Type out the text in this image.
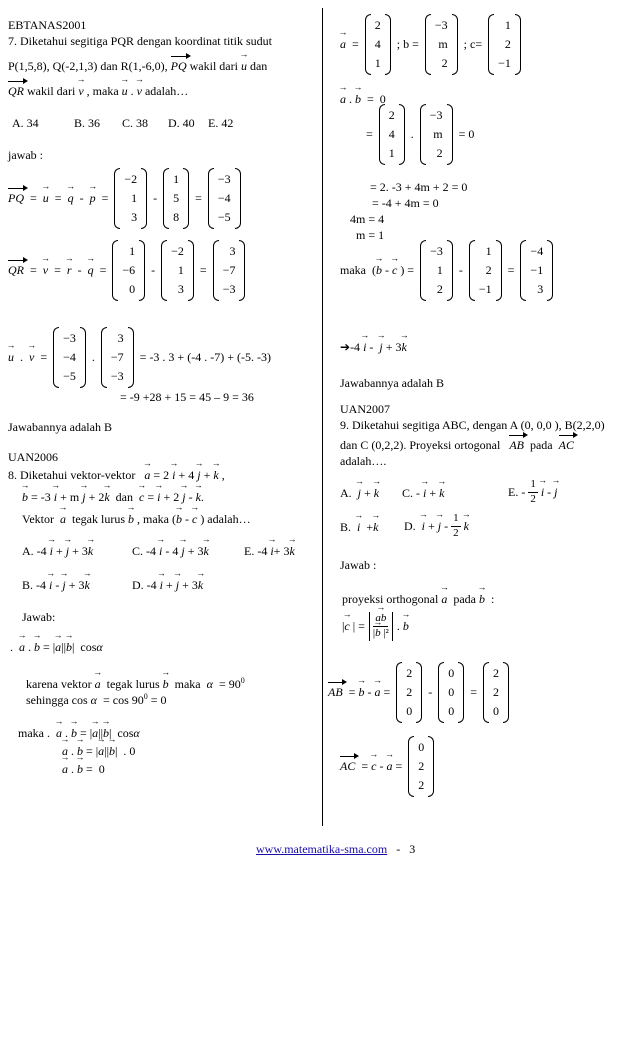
EBTANAS2001
7. Diketahui segitiga PQR dengan koordinat titik sudut
P(1,5,8), Q(-2,1,3) dan R(1,-6,0), PQ wakil dari → u dan
QR wakil dari → v , maka → u . → v adalah…
A. 34	B. 36 C. 38 D. 40 E. 42
jawab :
PQ =
→ u =
→ q -
→ p =
−2
1
3
-
1
5
8
=
−3
−4
−5
QR =
→ v =
→ r -
→ q =
1
−6
0
-
−2
1
3
=
3
−7
−3
→ u .
→ v =
−3
−4
−5
.
3
−7
−3
= -3 . 3 + (-4 . -7) + (-5. -3)
= -9 +28 + 15 = 45 – 9 = 36
Jawabannya adalah B
UAN2006
8. Diketahui vektor-vektor   → a = 2 → i + 4 → j + → k ,
→ b = -3 → i + m → j + 2→ k  dan  → c = → i + 2 → j - → k.
Vektor  → a  tegak lurus → b , maka (→ b - → c ) adalah…
A. -4 → i + → j + 3→ k	C. -4 → i - 4 → j + 3→ k	E. -4 → i+ 3→ k
B. -4 → i - → j + 3→ k	D. -4 → i + → j + 3→ k
Jawab:
.  → a . → b = |→ a||→ b|  cosα
karena vektor → a  tegak lurus → b  maka  $\alpha = 90^0$
sehingga $\cos \alpha = \cos 90^0 = 0$
maka .  → a . → b = |→ a||→ b|  cosα
→ a . → b = |→ a||→ b|  . 0
→ a . → b =  0
→ a =
2
4
1
; b =
−3
m
2
; c=
1
2
−1
→ a . → b  =  0
=
2
4
1
.
−3
m
2
= 0
= 2. -3 + 4m + 2 = 0
= -4 + 4m = 0
4m = 4
m = 1
maka  (→ b - → c ) =
−3
1
2
-
1
2
−1
=
−4
−1
3
➔-4 → i -  → j + 3→ k
Jawabannya adalah B
UAN2007
9. Diketahui segitiga ABC, dengan A (0, 0,0 ), B(2,2,0)
dan C (0,2,2). Proyeksi ortogonal AB pada AC
adalah….
A.  → j + → k C. - → i + → k	E. - $\frac{1}{2}$
→ i -
→ j
B.  → i  +→ k D.  → i + → j - $\frac{1}{2}$
→ k
Jawab :
proyeksi orthogonal → a  pada → b  :
|→ c | =
→ $\frac{ab}{\text{|→ b |²}}$ . → b
AB = → b - → a =
2
2
0
-
0
0
0
=
2
2
0
AC = → c - → a =
0
2
2
www.matematika-sma.com - 3
